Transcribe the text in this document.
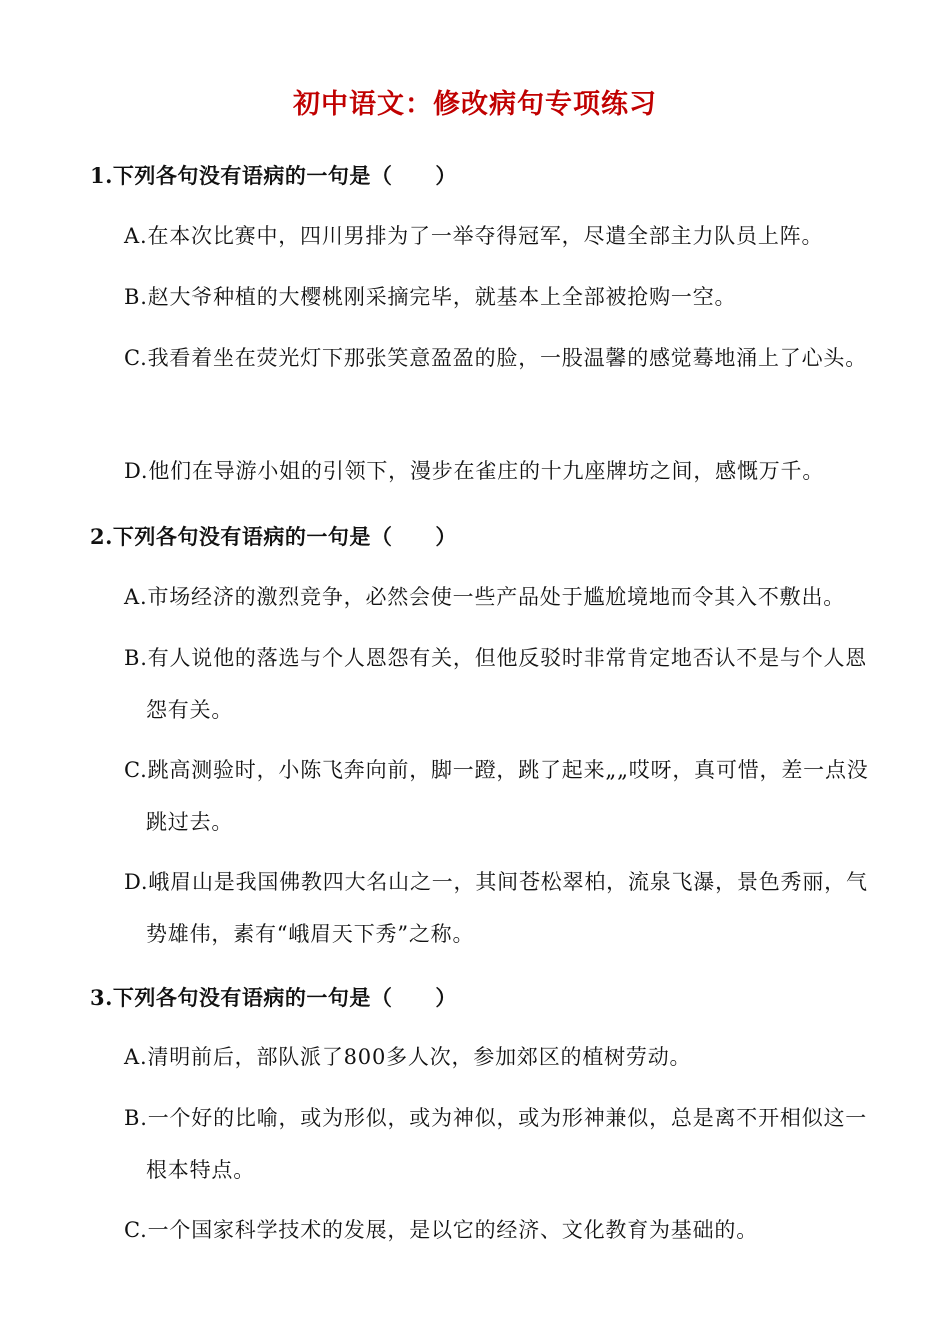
初中语文：修改病句专项练习
1.下列各句没有语病的一句是（　　）
A.在本次比赛中，四川男排为了一举夺得冠军，尽遣全部主力队员上阵。
B.赵大爷种植的大樱桃刚采摘完毕，就基本上全部被抢购一空。
C.我看着坐在荧光灯下那张笑意盈盈的脸，一股温馨的感觉蓦地涌上了心头。
D.他们在导游小姐的引领下，漫步在雀庄的十九座牌坊之间，感慨万千。
2.下列各句没有语病的一句是（　　）
A.市场经济的激烈竞争，必然会使一些产品处于尴尬境地而令其入不敷出。
B.有人说他的落选与个人恩怨有关，但他反驳时非常肯定地否认不是与个人恩怨有关。
C.跳高测验时，小陈飞奔向前，脚一蹬，跳了起来„„哎呀，真可惜，差一点没跳过去。
D.峨眉山是我国佛教四大名山之一，其间苍松翠柏，流泉飞瀑，景色秀丽，气势雄伟，素有“峨眉天下秀”之称。
3.下列各句没有语病的一句是（　　）
A.清明前后，部队派了800多人次，参加郊区的植树劳动。
B.一个好的比喻，或为形似，或为神似，或为形神兼似，总是离不开相似这一根本特点。
C.一个国家科学技术的发展，是以它的经济、文化教育为基础的。
